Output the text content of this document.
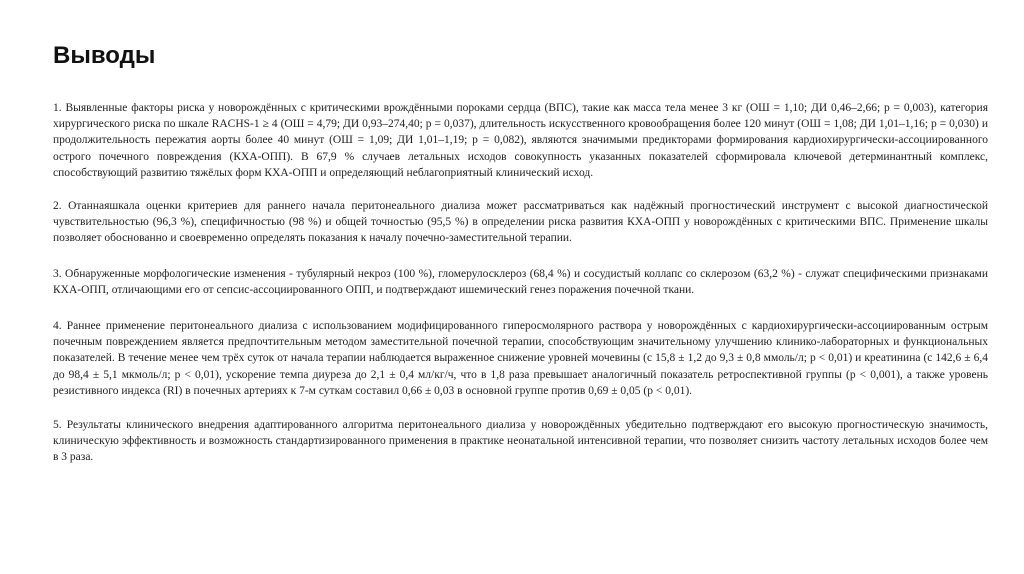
Выводы

1. Выявленные факторы риска у новорождённых с критическими врождёнными пороками сердца (ВПС), такие как масса тела менее 3 кг (ОШ = 1,10; ДИ 0,46–2,66; p = 0,003), категория хирургического риска по шкале RACHS-1 ≥ 4 (ОШ = 4,79; ДИ 0,93–274,40; p = 0,037), длительность искусственного кровообращения более 120 минут (ОШ = 1,08; ДИ 1,01–1,16; p = 0,030) и продолжительность пережатия аорты более 40 минут (ОШ = 1,09; ДИ 1,01–1,19; p = 0,082), являются значимыми предикторами формирования кардиохирургически-ассоциированного острого почечного повреждения (КХА-ОПП). В 67,9 % случаев летальных исходов совокупность указанных показателей сформировала ключевой детерминантный комплекс, способствующий развитию тяжёлых форм КХА-ОПП и определяющий неблагоприятный клинический исход.

2. Отаннаяшкала оценки критериев для раннего начала перитонеального диализа может рассматриваться как надёжный прогностический инструмент с высокой диагностической чувствительностью (96,3 %), специфичностью (98 %) и общей точностью (95,5 %) в определении риска развития КХА-ОПП у новорождённых с критическими ВПС. Применение шкалы позволяет обоснованно и своевременно определять показания к началу почечно-заместительной терапии.

3. Обнаруженные морфологические изменения - тубулярный некроз (100 %), гломерулосклероз (68,4 %) и сосудистый коллапс со склерозом (63,2 %) - служат специфическими признаками КХА-ОПП, отличающими его от сепсис-ассоциированного ОПП, и подтверждают ишемический генез поражения почечной ткани.

4. Раннее применение перитонеального диализа с использованием модифицированного гиперосмолярного раствора у новорождённых с кардиохирургически-ассоциированным острым почечным повреждением является предпочтительным методом заместительной почечной терапии, способствующим значительному улучшению клинико-лабораторных и функциональных показателей. В течение менее чем трёх суток от начала терапии наблюдается выраженное снижение уровней мочевины (с 15,8 ± 1,2 до 9,3 ± 0,8 ммоль/л; p < 0,01) и креатинина (с 142,6 ± 6,4 до 98,4 ± 5,1 мкмоль/л; p < 0,01), ускорение темпа диуреза до 2,1 ± 0,4 мл/кг/ч, что в 1,8 раза превышает аналогичный показатель ретроспективной группы (p < 0,001), а также уровень резистивного индекса (RI) в почечных артериях к 7-м суткам составил 0,66 ± 0,03 в основной группе против 0,69 ± 0,05 (p < 0,01).

5. Результаты клинического внедрения адаптированного алгоритма перитонеального диализа у новорождённых убедительно подтверждают его высокую прогностическую значимость, клиническую эффективность и возможность стандартизированного применения в практике неонатальной интенсивной терапии, что позволяет снизить частоту летальных исходов более чем в 3 раза.
